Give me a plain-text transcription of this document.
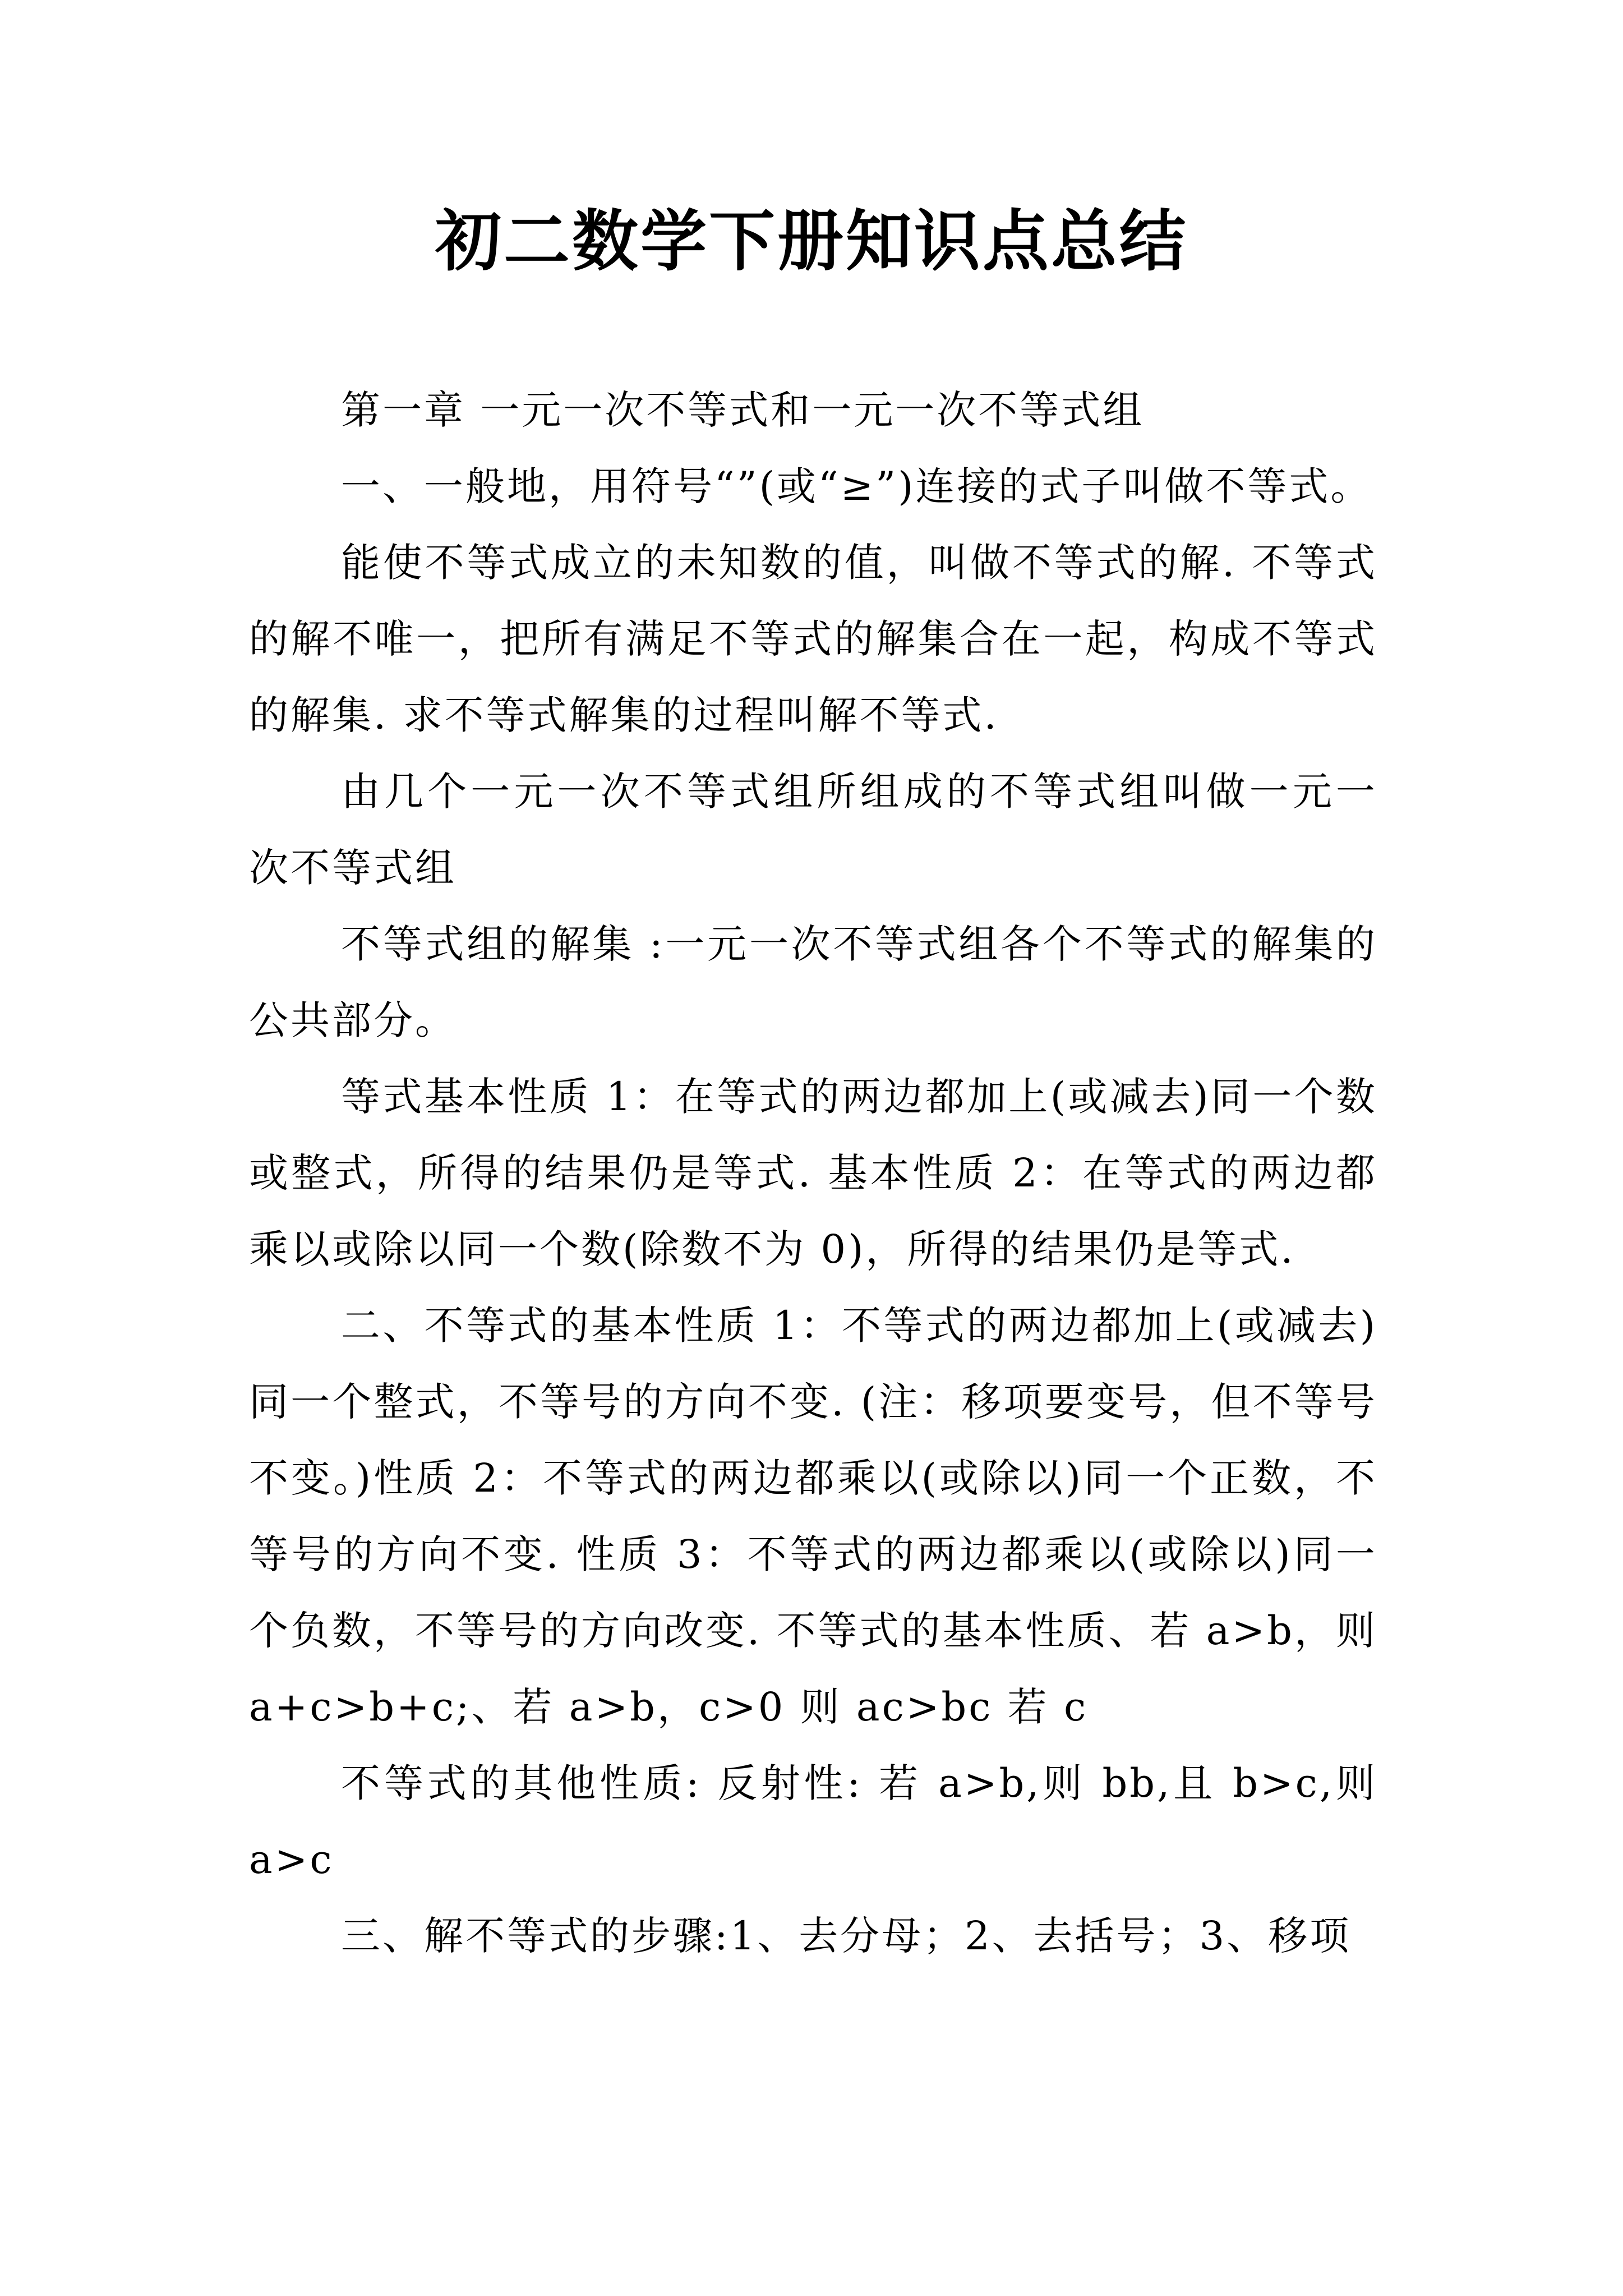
初二数学下册知识点总结

第一章 一元一次不等式和一元一次不等式组

一、一般地，用符号“”(或“≥”)连接的式子叫做不等式。

能使不等式成立的未知数的值，叫做不等式的解. 不等式的解不唯一，把所有满足不等式的解集合在一起，构成不等式的解集. 求不等式解集的过程叫解不等式.

由几个一元一次不等式组所组成的不等式组叫做一元一次不等式组

不等式组的解集 :一元一次不等式组各个不等式的解集的公共部分。

等式基本性质 1：在等式的两边都加上(或减去)同一个数或整式，所得的结果仍是等式. 基本性质 2：在等式的两边都乘以或除以同一个数(除数不为 0)，所得的结果仍是等式.

二、不等式的基本性质 1：不等式的两边都加上(或减去)同一个整式，不等号的方向不变. (注：移项要变号，但不等号不变。)性质 2：不等式的两边都乘以(或除以)同一个正数，不等号的方向不变. 性质 3：不等式的两边都乘以(或除以)同一个负数，不等号的方向改变. 不等式的基本性质、若 a>b，则 a+c>b+c;、若 a>b，c>0 则 ac>bc 若 c

不等式的其他性质: 反射性: 若 a>b,则 bb,且 b>c,则 a>c

三、解不等式的步骤:1、去分母；2、去括号；3、移项
